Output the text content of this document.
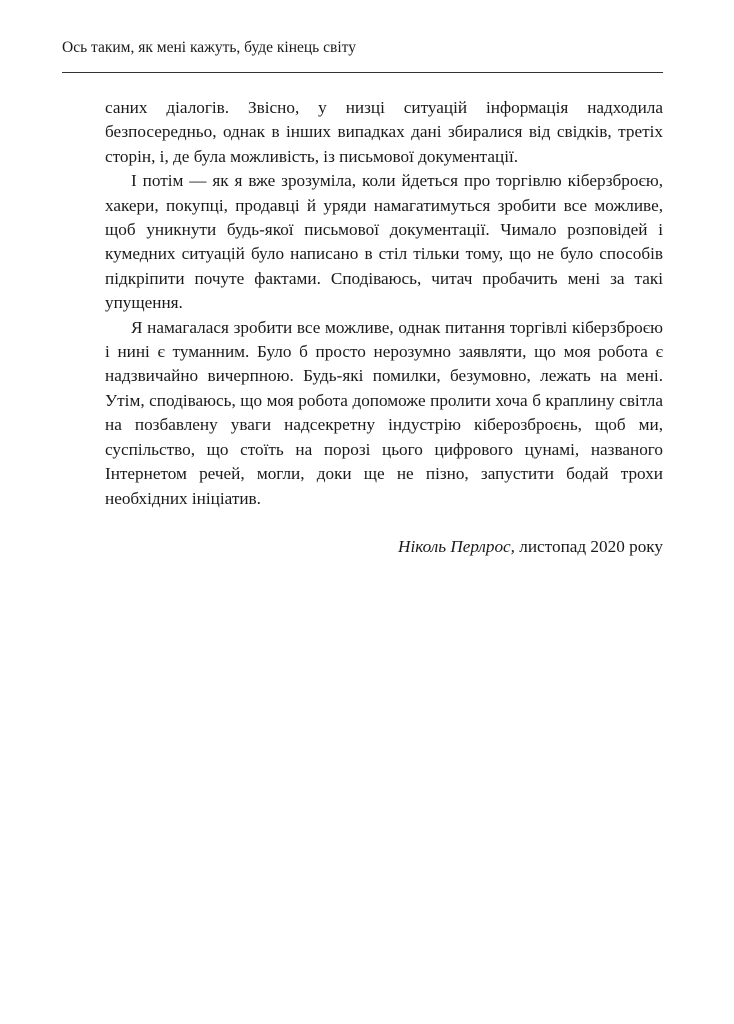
Ось таким, як мені кажуть, буде кінець світу

саних діалогів. Звісно, у низці ситуацій інформація надходила безпосередньо, однак в інших випадках дані збиралися від свідків, третіх сторін, і, де була можливість, із письмової документації.

І потім — як я вже зрозуміла, коли йдеться про торгівлю кіберзброєю, хакери, покупці, продавці й уряди намагатимуться зробити все можливе, щоб уникнути будь-якої письмової документації. Чимало розповідей і кумедних ситуацій було написано в стіл тільки тому, що не було способів підкріпити почуте фактами. Сподіваюсь, читач пробачить мені за такі упущення.

Я намагалася зробити все можливе, однак питання торгівлі кіберзброєю і нині є туманним. Було б просто нерозумно заявляти, що моя робота є надзвичайно вичерпною. Будь-які помилки, безумовно, лежать на мені. Утім, сподіваюсь, що моя робота допоможе пролити хоча б краплину світла на позбавлену уваги надсекретну індустрію кіберозброєнь, щоб ми, суспільство, що стоїть на порозі цього цифрового цунамі, названого Інтернетом речей, могли, доки ще не пізно, запустити бодай трохи необхідних ініціатив.

Ніколь Перлрос, листопад 2020 року
